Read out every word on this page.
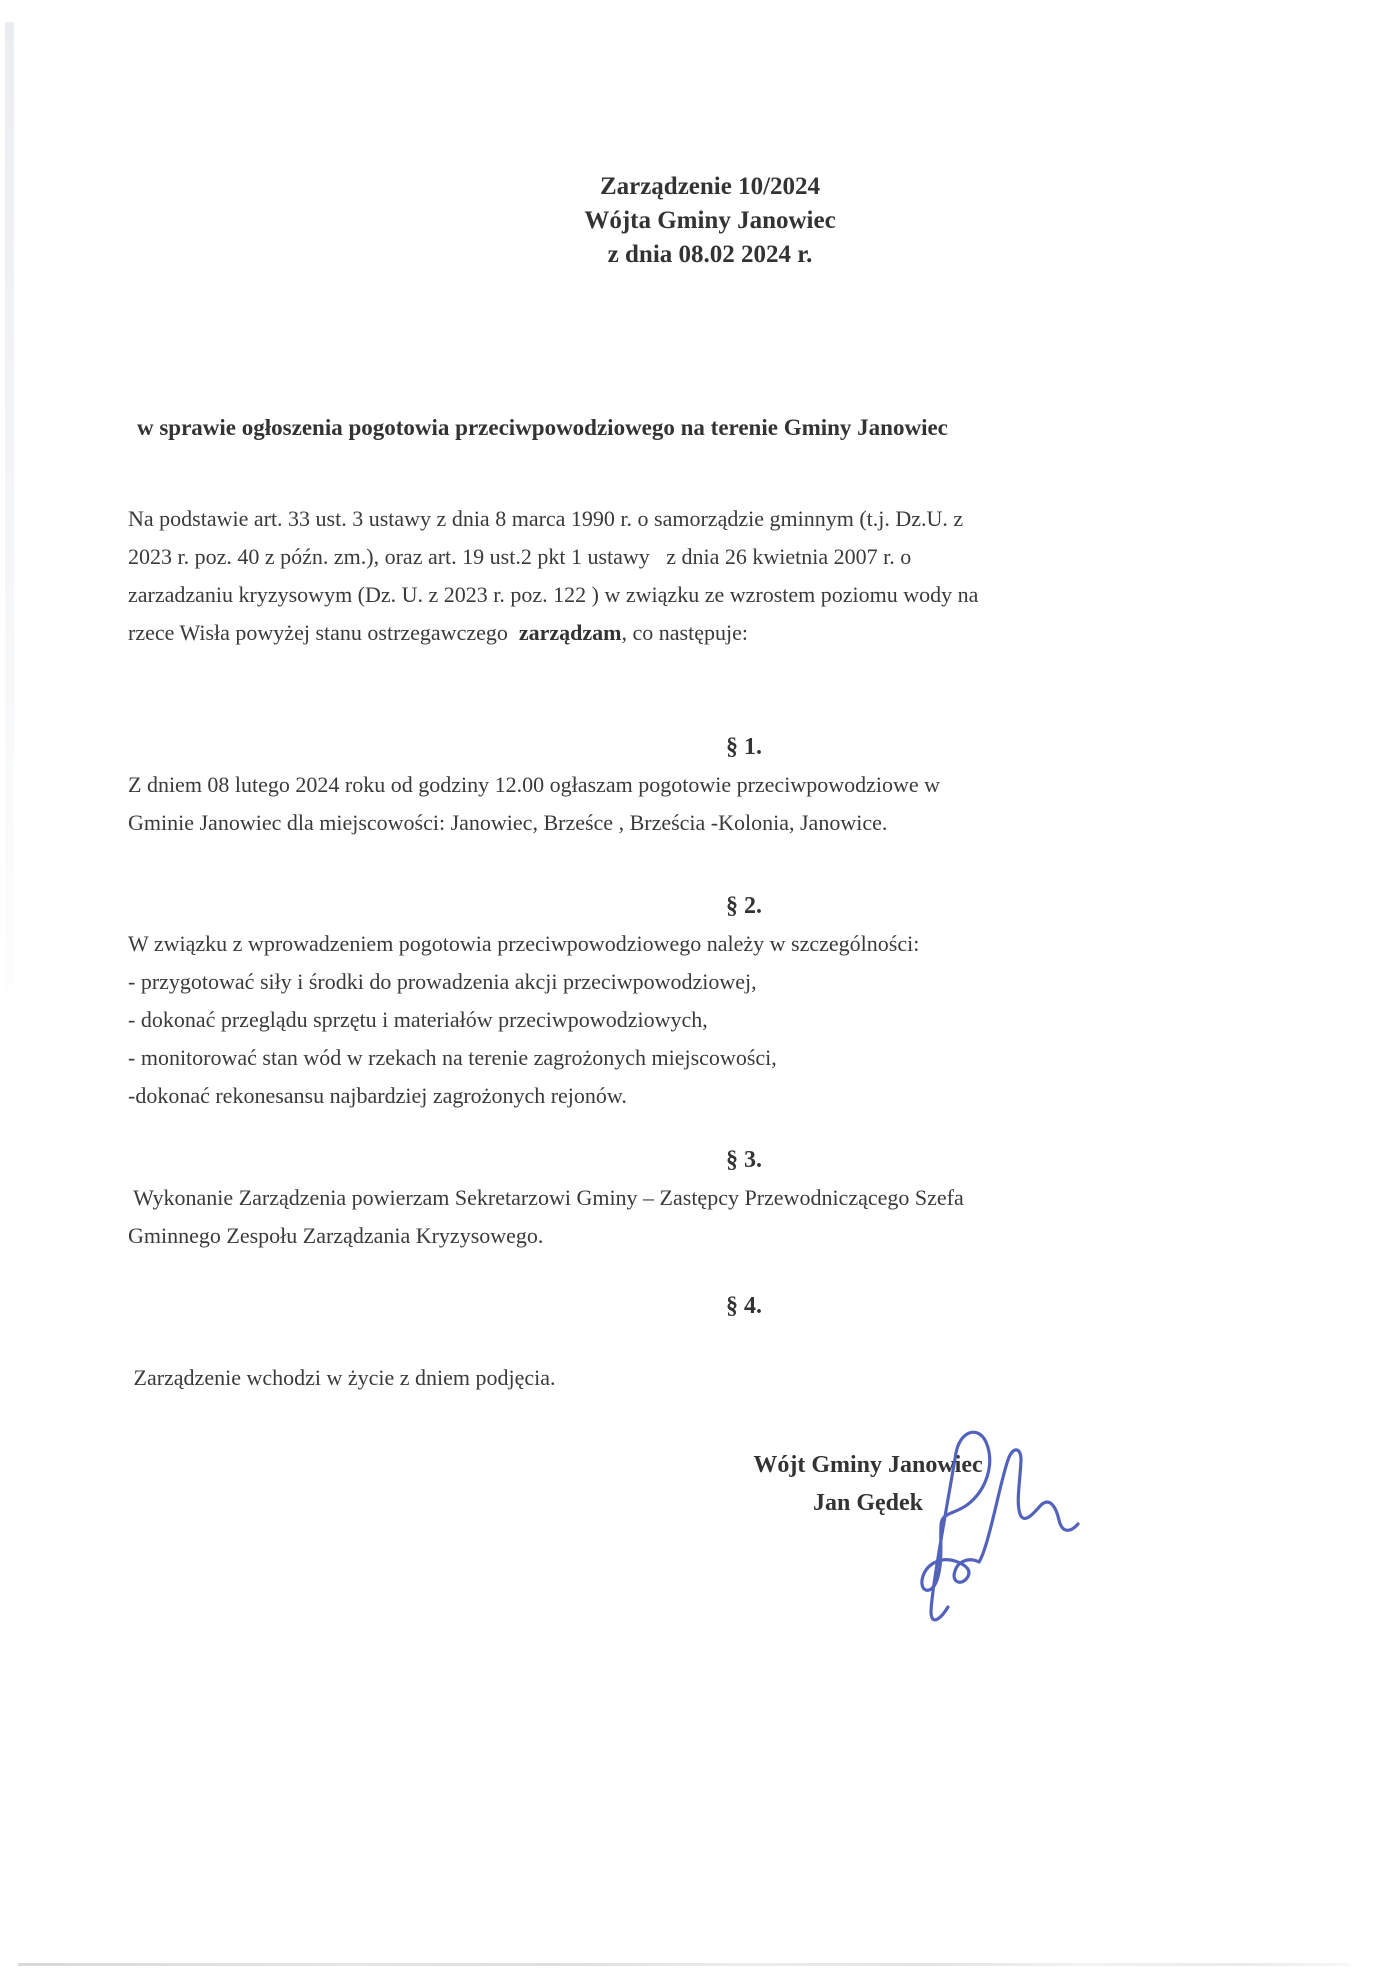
Zarządzenie 10/2024
Wójta Gminy Janowiec
z dnia 08.02 2024 r.
w sprawie ogłoszenia pogotowia przeciwpowodziowego na terenie Gminy Janowiec
Na podstawie art. 33 ust. 3 ustawy z dnia 8 marca 1990 r. o samorządzie gminnym (t.j. Dz.U. z
2023 r. poz. 40 z późn. zm.), oraz art. 19 ust.2 pkt 1 ustawy   z dnia 26 kwietnia 2007 r. o
zarzadzaniu kryzysowym (Dz. U. z 2023 r. poz. 122 ) w związku ze wzrostem poziomu wody na
rzece Wisła powyżej stanu ostrzegawczego  zarządzam, co następuje:
§ 1.
Z dniem 08 lutego 2024 roku od godziny 12.00 ogłaszam pogotowie przeciwpowodziowe w
Gminie Janowiec dla miejscowości: Janowiec, Brześce , Brześcia -Kolonia, Janowice.
§ 2.
W związku z wprowadzeniem pogotowia przeciwpowodziowego należy w szczególności:
- przygotować siły i środki do prowadzenia akcji przeciwpowodziowej,
- dokonać przeglądu sprzętu i materiałów przeciwpowodziowych,
- monitorować stan wód w rzekach na terenie zagrożonych miejscowości,
-dokonać rekonesansu najbardziej zagrożonych rejonów.
§ 3.
Wykonanie Zarządzenia powierzam Sekretarzowi Gminy – Zastępcy Przewodniczącego Szefa
Gminnego Zespołu Zarządzania Kryzysowego.
§ 4.
Zarządzenie wchodzi w życie z dniem podjęcia.
Wójt Gminy Janowiec
Jan Gędek
